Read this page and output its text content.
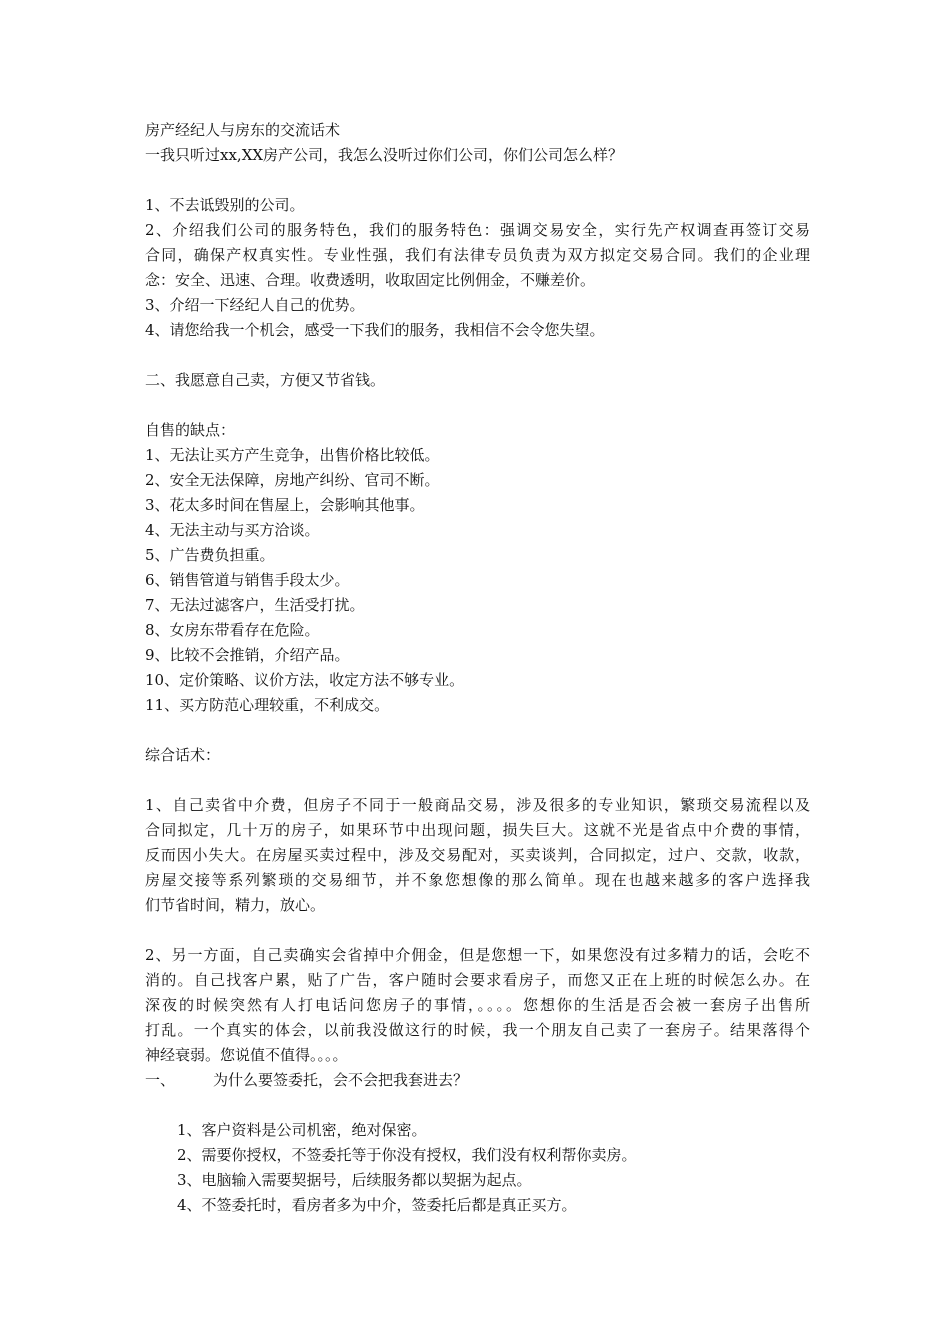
房产经纪人与房东的交流话术
一我只听过xx,XX房产公司，我怎么没听过你们公司，你们公司怎么样？
1、不去诋毁别的公司。
2、介绍我们公司的服务特色，我们的服务特色：强调交易安全，实行先产权调查再签订交易
合同，确保产权真实性。专业性强，我们有法律专员负责为双方拟定交易合同。我们的企业理
念：安全、迅速、合理。收费透明，收取固定比例佣金，不赚差价。
3、介绍一下经纪人自己的优势。
4、请您给我一个机会，感受一下我们的服务，我相信不会令您失望。
二、我愿意自己卖，方便又节省钱。
自售的缺点：
1、无法让买方产生竞争，出售价格比较低。
2、安全无法保障，房地产纠纷、官司不断。
3、花太多时间在售屋上，会影响其他事。
4、无法主动与买方洽谈。
5、广告费负担重。
6、销售管道与销售手段太少。
7、无法过滤客户，生活受打扰。
8、女房东带看存在危险。
9、比较不会推销，介绍产品。
10、定价策略、议价方法，收定方法不够专业。
11、买方防范心理较重，不利成交。
综合话术：
1、自己卖省中介费，但房子不同于一般商品交易，涉及很多的专业知识，繁琐交易流程以及
合同拟定，几十万的房子，如果环节中出现问题，损失巨大。这就不光是省点中介费的事情，
反而因小失大。在房屋买卖过程中，涉及交易配对，买卖谈判，合同拟定，过户、交款，收款，
房屋交接等系列繁琐的交易细节，并不象您想像的那么简单。现在也越来越多的客户选择我
们节省时间，精力，放心。
2、另一方面，自己卖确实会省掉中介佣金，但是您想一下，如果您没有过多精力的话，会吃不
消的。自己找客户累，贴了广告，客户随时会要求看房子，而您又正在上班的时候怎么办。在
深夜的时候突然有人打电话问您房子的事情，。。。。您想你的生活是否会被一套房子出售所
打乱。一个真实的体会，以前我没做这行的时候，我一个朋友自己卖了一套房子。结果落得个
神经衰弱。您说值不值得。。。。
一、	为什么要签委托，会不会把我套进去？
1、客户资料是公司机密，绝对保密。
2、需要你授权，不签委托等于你没有授权，我们没有权利帮你卖房。
3、电脑输入需要契据号，后续服务都以契据为起点。
4、不签委托时，看房者多为中介，签委托后都是真正买方。
